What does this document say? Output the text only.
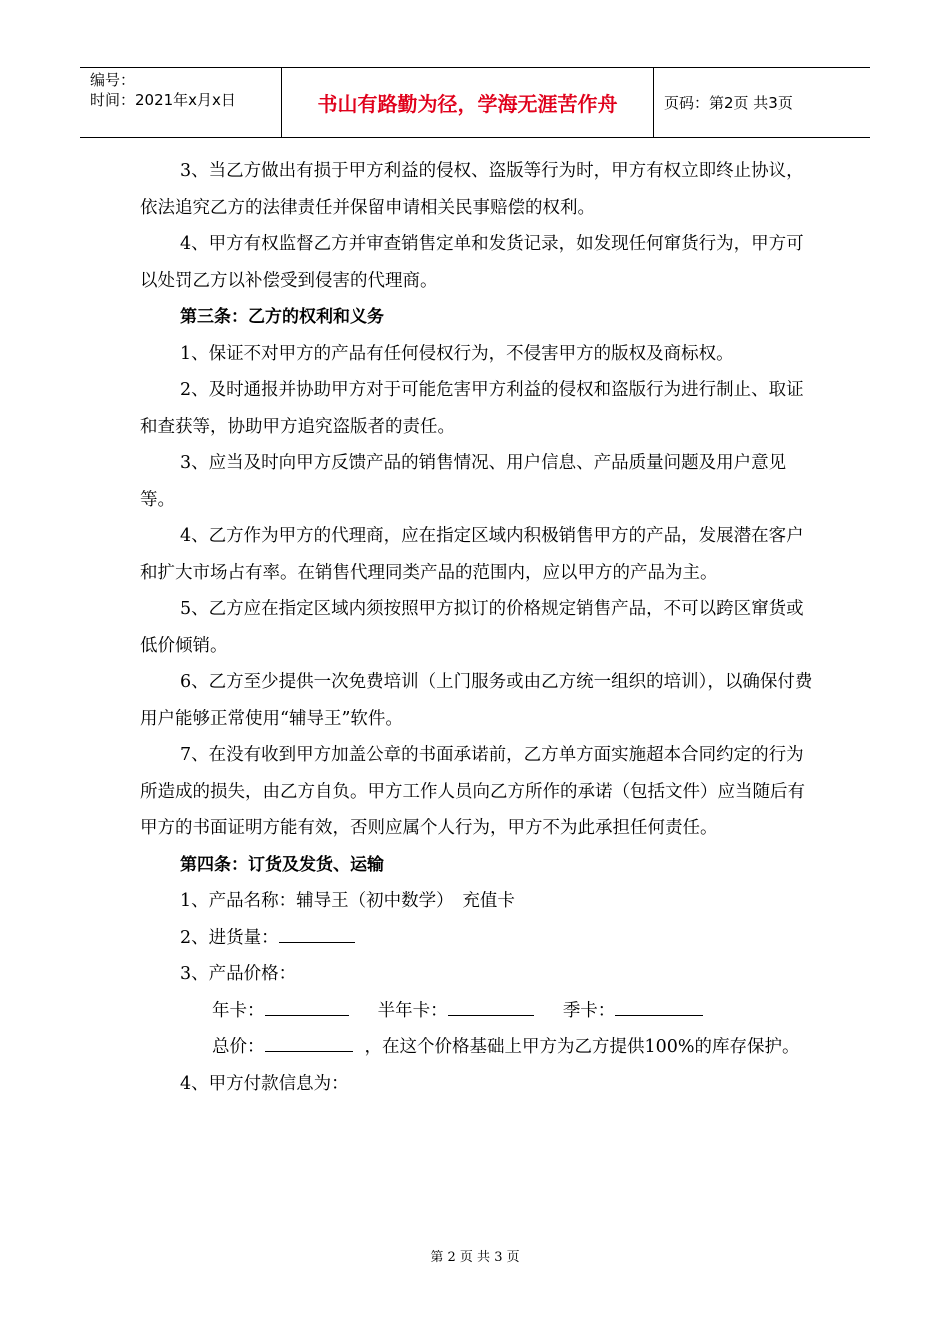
编号：
时间：2021年x月x日	书山有路勤为径，学海无涯苦作舟	页码：第2页 共3页

3、当乙方做出有损于甲方利益的侵权、盗版等行为时，甲方有权立即终止协议，依法追究乙方的法律责任并保留申请相关民事赔偿的权利。

4、甲方有权监督乙方并审查销售定单和发货记录，如发现任何窜货行为，甲方可以处罚乙方以补偿受到侵害的代理商。

第三条：乙方的权利和义务

1、保证不对甲方的产品有任何侵权行为，不侵害甲方的版权及商标权。

2、及时通报并协助甲方对于可能危害甲方利益的侵权和盗版行为进行制止、取证和查获等，协助甲方追究盗版者的责任。

3、应当及时向甲方反馈产品的销售情况、用户信息、产品质量问题及用户意见等。

4、乙方作为甲方的代理商，应在指定区域内积极销售甲方的产品，发展潜在客户和扩大市场占有率。在销售代理同类产品的范围内，应以甲方的产品为主。

5、乙方应在指定区域内须按照甲方拟订的价格规定销售产品，不可以跨区窜货或低价倾销。

6、乙方至少提供一次免费培训（上门服务或由乙方统一组织的培训），以确保付费用户能够正常使用“辅导王”软件。

7、在没有收到甲方加盖公章的书面承诺前，乙方单方面实施超本合同约定的行为所造成的损失，由乙方自负。甲方工作人员向乙方所作的承诺（包括文件）应当随后有甲方的书面证明方能有效，否则应属个人行为，甲方不为此承担任何责任。

第四条：订货及发货、运输

1、产品名称：辅导王（初中数学）　充值卡

2、进货量：

3、产品价格：

年卡：	半年卡：	季卡：

总价：	，在这个价格基础上甲方为乙方提供100%的库存保护。

4、甲方付款信息为：

第 2 页 共 3 页
